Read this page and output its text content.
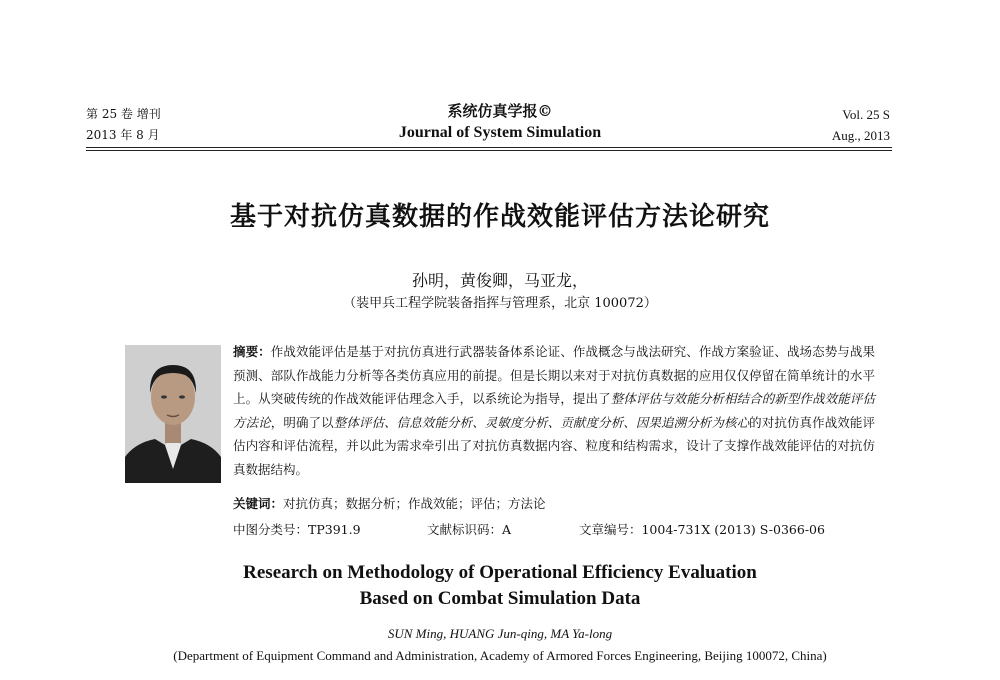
第 25 卷 增刊
2013 年 8 月
系统仿真学报©
Journal of System Simulation
Vol. 25 S
Aug., 2013
基于对抗仿真数据的作战效能评估方法论研究
孙明，黄俊卿，马亚龙，
（装甲兵工程学院装备指挥与管理系，北京 100072）
摘要：作战效能评估是基于对抗仿真进行武器装备体系论证、作战概念与战法研究、作战方案验证、战场态势与战果预测、部队作战能力分析等各类仿真应用的前提。但是长期以来对于对抗仿真数据的应用仅仅停留在简单统计的水平上。从突破传统的作战效能评估理念入手，以系统论为指导，提出了整体评估与效能分析相结合的新型作战效能评估方法论，明确了以整体评估、信息效能分析、灵敏度分析、贡献度分析、因果追溯分析为核心的对抗仿真作战效能评估内容和评估流程，并以此为需求牵引出了对抗仿真数据内容、粒度和结构需求，设计了支撑作战效能评估的对抗仿真数据结构。
关键词：对抗仿真；数据分析；作战效能；评估；方法论
中图分类号：TP391.9	文献标识码：A	文章编号：1004-731X (2013) S-0366-06
Research on Methodology of Operational Efficiency Evaluation
Based on Combat Simulation Data
SUN Ming, HUANG Jun-qing, MA Ya-long
(Department of Equipment Command and Administration, Academy of Armored Forces Engineering, Beijing 100072, China)
